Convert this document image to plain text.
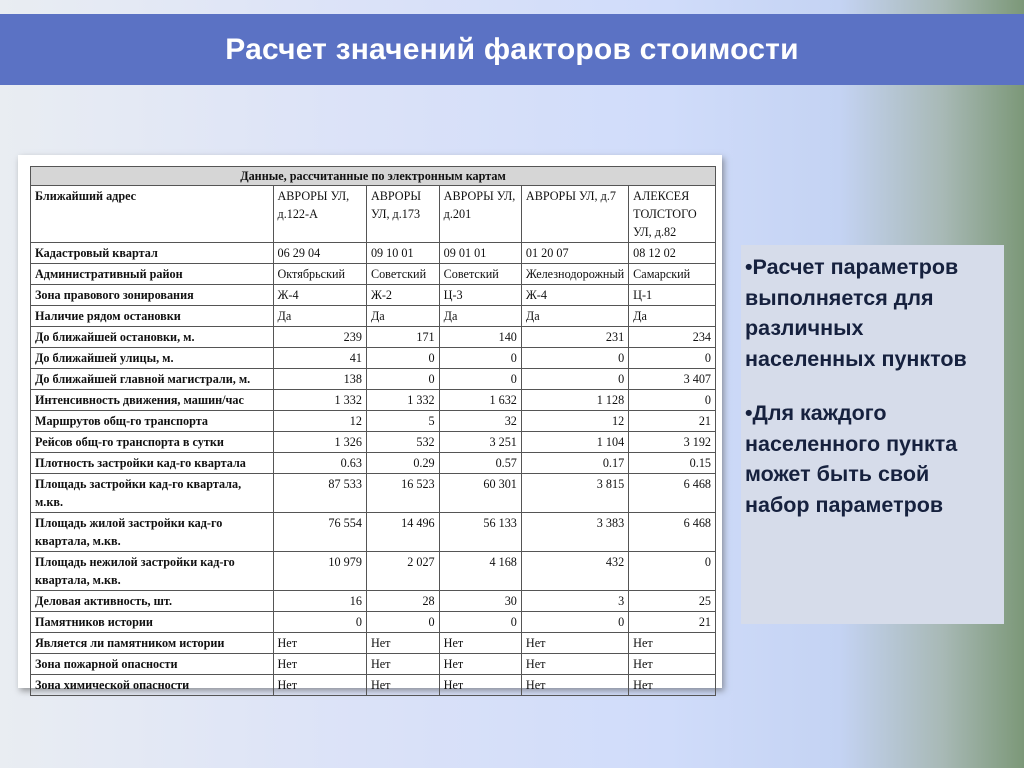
Расчет значений факторов стоимости
Данные, рассчитанные по электронным картам					
Ближайший адрес	АВРОРЫ УЛ, д.122-А	АВРОРЫ УЛ, д.173	АВРОРЫ УЛ, д.201	АВРОРЫ УЛ, д.7	АЛЕКСЕЯ ТОЛСТОГО УЛ, д.82
Кадастровый квартал	06 29 04	09 10 01	09 01 01	01 20 07	08 12 02
Административный район	Октябрьский	Советский	Советский	Железнодорожный	Самарский
Зона правового зонирования	Ж-4	Ж-2	Ц-3	Ж-4	Ц-1
Наличие рядом остановки	Да	Да	Да	Да	Да
До ближайшей остановки, м.	239	171	140	231	234
До ближайшей улицы, м.	41	0	0	0	0
До ближайшей главной магистрали, м.	138	0	0	0	3 407
Интенсивность движения, машин/час	1 332	1 332	1 632	1 128	0
Маршрутов общ-го транспорта	12	5	32	12	21
Рейсов общ-го транспорта в сутки	1 326	532	3 251	1 104	3 192
Плотность застройки кад-го квартала	0.63	0.29	0.57	0.17	0.15
Площадь застройки кад-го квартала, м.кв.	87 533	16 523	60 301	3 815	6 468
Площадь жилой застройки кад-го квартала, м.кв.	76 554	14 496	56 133	3 383	6 468
Площадь нежилой застройки кад-го квартала, м.кв.	10 979	2 027	4 168	432	0
Деловая активность, шт.	16	28	30	3	25
Памятников истории	0	0	0	0	21
Является ли памятником истории	Нет	Нет	Нет	Нет	Нет
Зона пожарной опасности	Нет	Нет	Нет	Нет	Нет
Зона химической опасности	Нет	Нет	Нет	Нет	Нет

•Расчет параметров выполняется для различных населенных пунктов

•Для каждого населенного пункта может быть свой набор параметров
